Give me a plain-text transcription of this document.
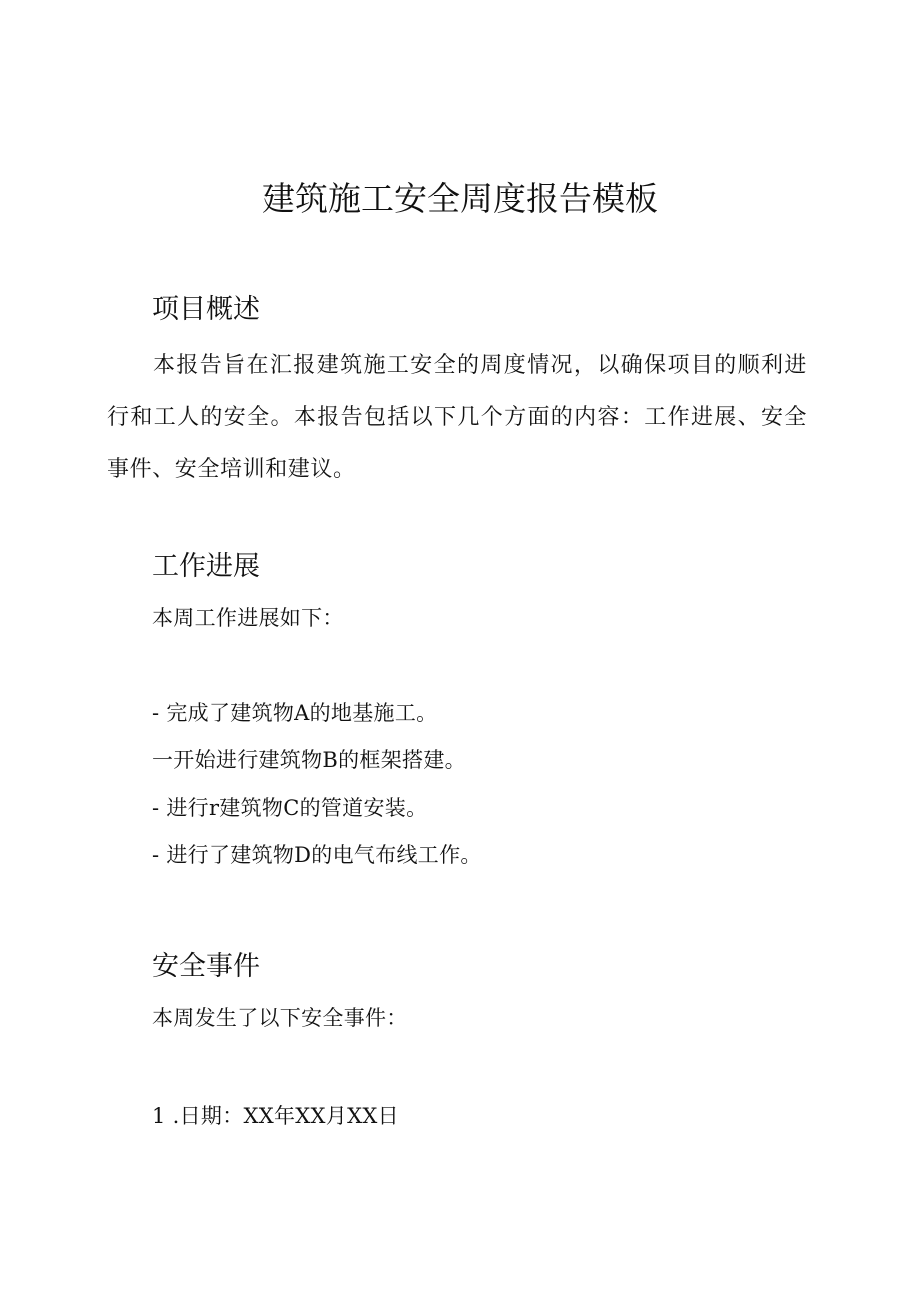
建筑施工安全周度报告模板
项目概述

本报告旨在汇报建筑施工安全的周度情况，以确保项目的顺利进行和工人的安全。本报告包括以下几个方面的内容：工作进展、安全事件、安全培训和建议。

工作进展

本周工作进展如下：

- 完成了建筑物A的地基施工。

一开始进行建筑物B的框架搭建。

- 进行r建筑物C的管道安装。

- 进行了建筑物D的电气布线工作。

安全事件

本周发生了以下安全事件：

1 .日期：XX年XX月XX日
